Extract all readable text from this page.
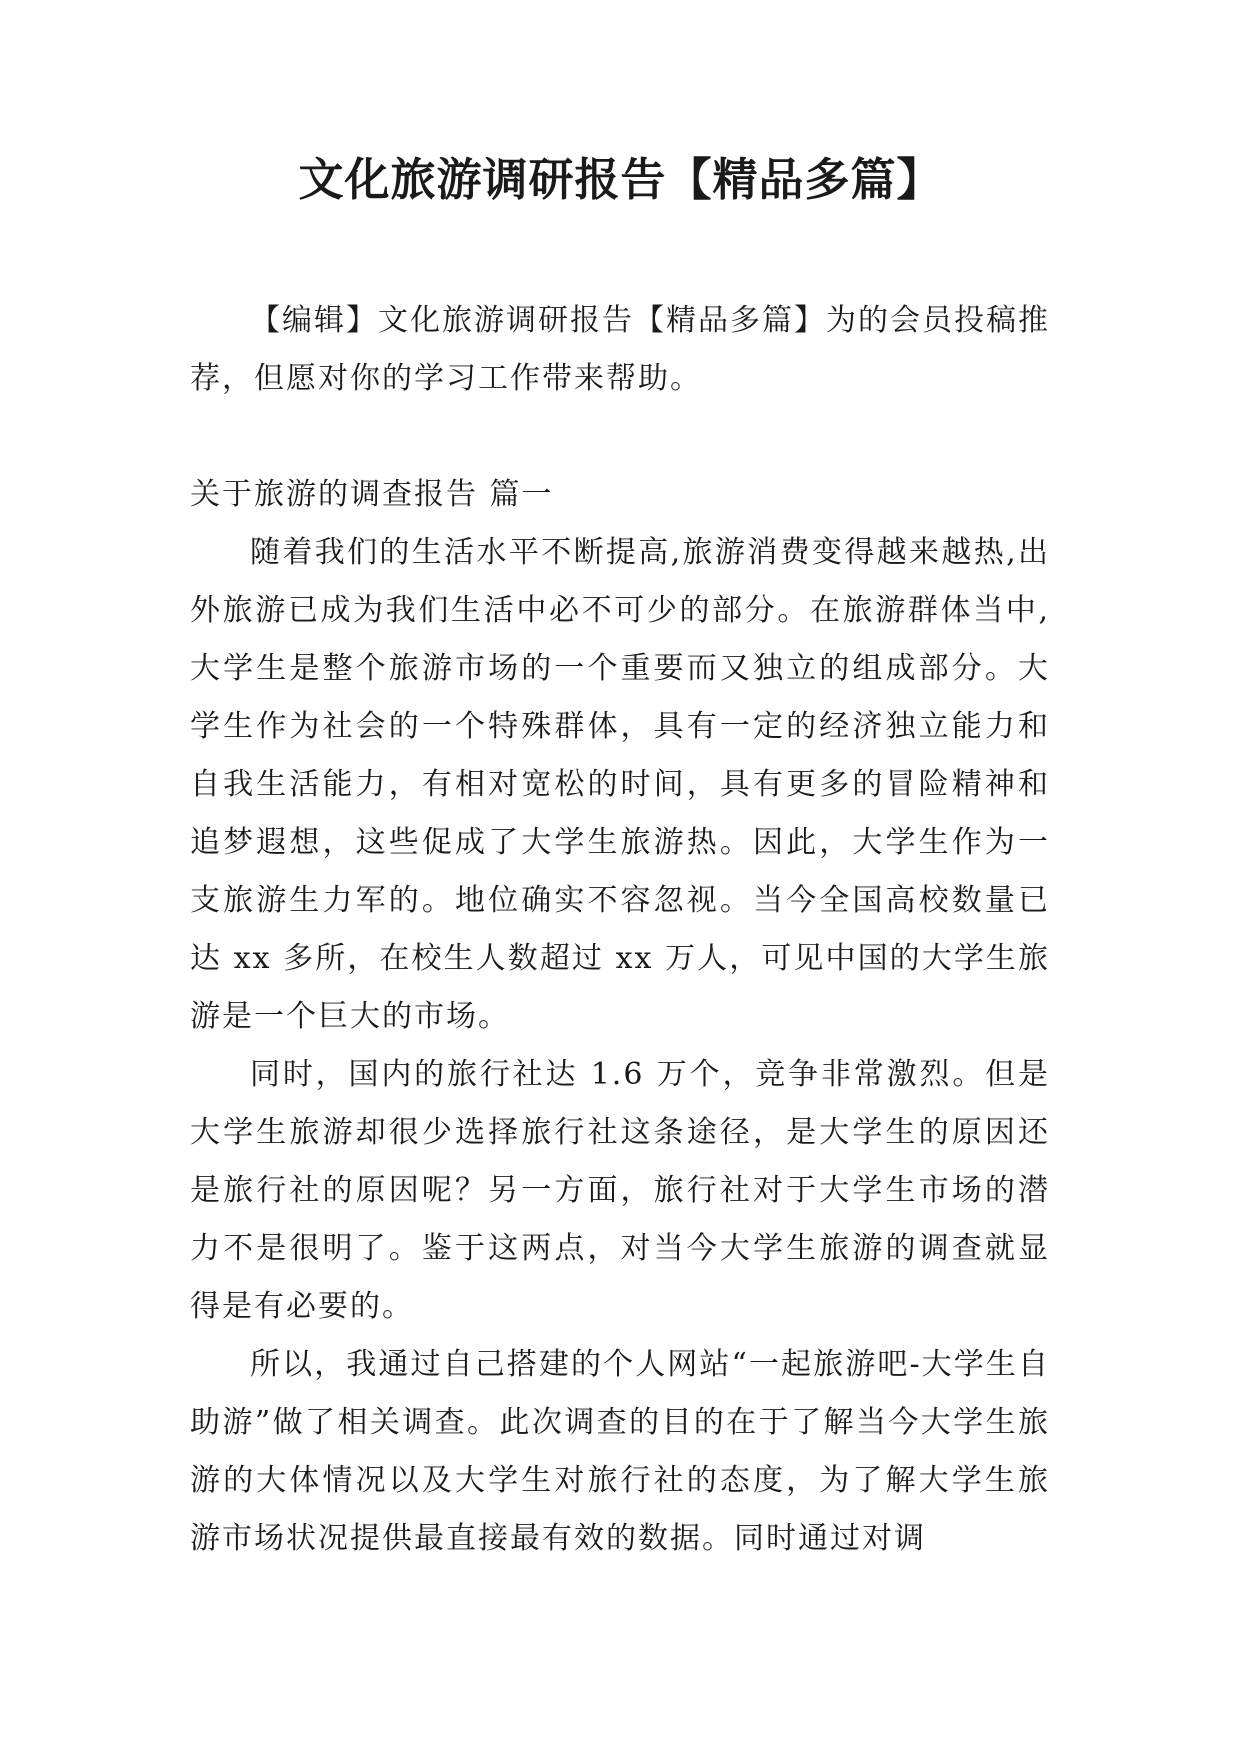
文化旅游调研报告【精品多篇】

【编辑】文化旅游调研报告【精品多篇】为的会员投稿推荐，但愿对你的学习工作带来帮助。

关于旅游的调查报告 篇一

随着我们的生活水平不断提高,旅游消费变得越来越热,出外旅游已成为我们生活中必不可少的部分。在旅游群体当中,大学生是整个旅游市场的一个重要而又独立的组成部分。大学生作为社会的一个特殊群体，具有一定的经济独立能力和自我生活能力，有相对宽松的时间，具有更多的冒险精神和追梦遐想，这些促成了大学生旅游热。因此，大学生作为一支旅游生力军的。地位确实不容忽视。当今全国高校数量已达 xx 多所，在校生人数超过 xx 万人，可见中国的大学生旅游是一个巨大的市场。

同时，国内的旅行社达 1.6 万个，竞争非常激烈。但是大学生旅游却很少选择旅行社这条途径，是大学生的原因还是旅行社的原因呢？另一方面，旅行社对于大学生市场的潜力不是很明了。鉴于这两点，对当今大学生旅游的调查就显得是有必要的。

所以，我通过自己搭建的个人网站“一起旅游吧-大学生自助游”做了相关调查。此次调查的目的在于了解当今大学生旅游的大体情况以及大学生对旅行社的态度，为了解大学生旅游市场状况提供最直接最有效的数据。同时通过对调
